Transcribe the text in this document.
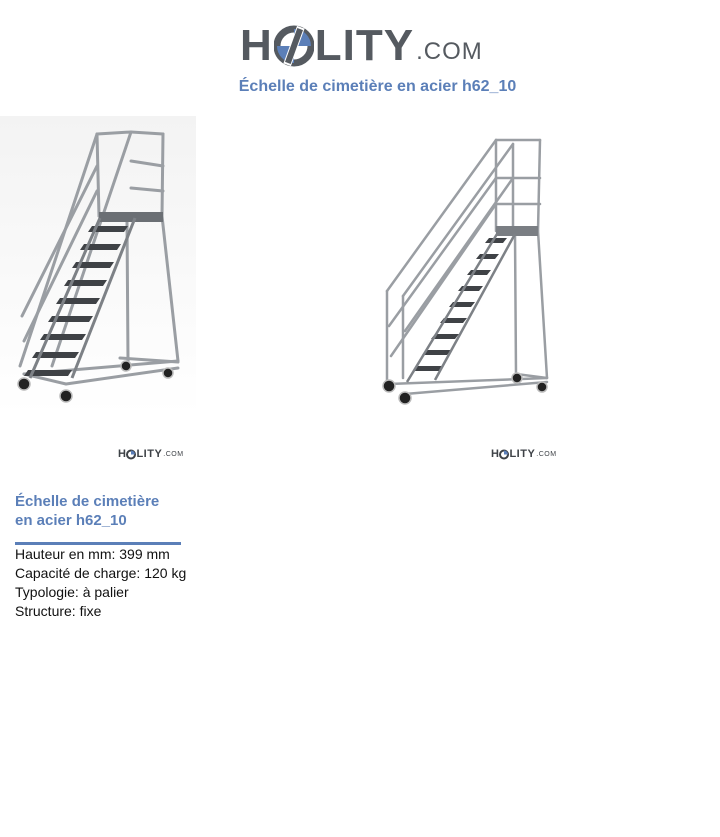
H LITY .COM
Échelle de cimetière en acier h62_10
H LITY .COM	H LITY .COM
Échelle de cimetière
en acier h62_10
Hauteur en mm: 399 mm
Capacité de charge: 120 kg
Typologie: à palier
Structure: fixe
